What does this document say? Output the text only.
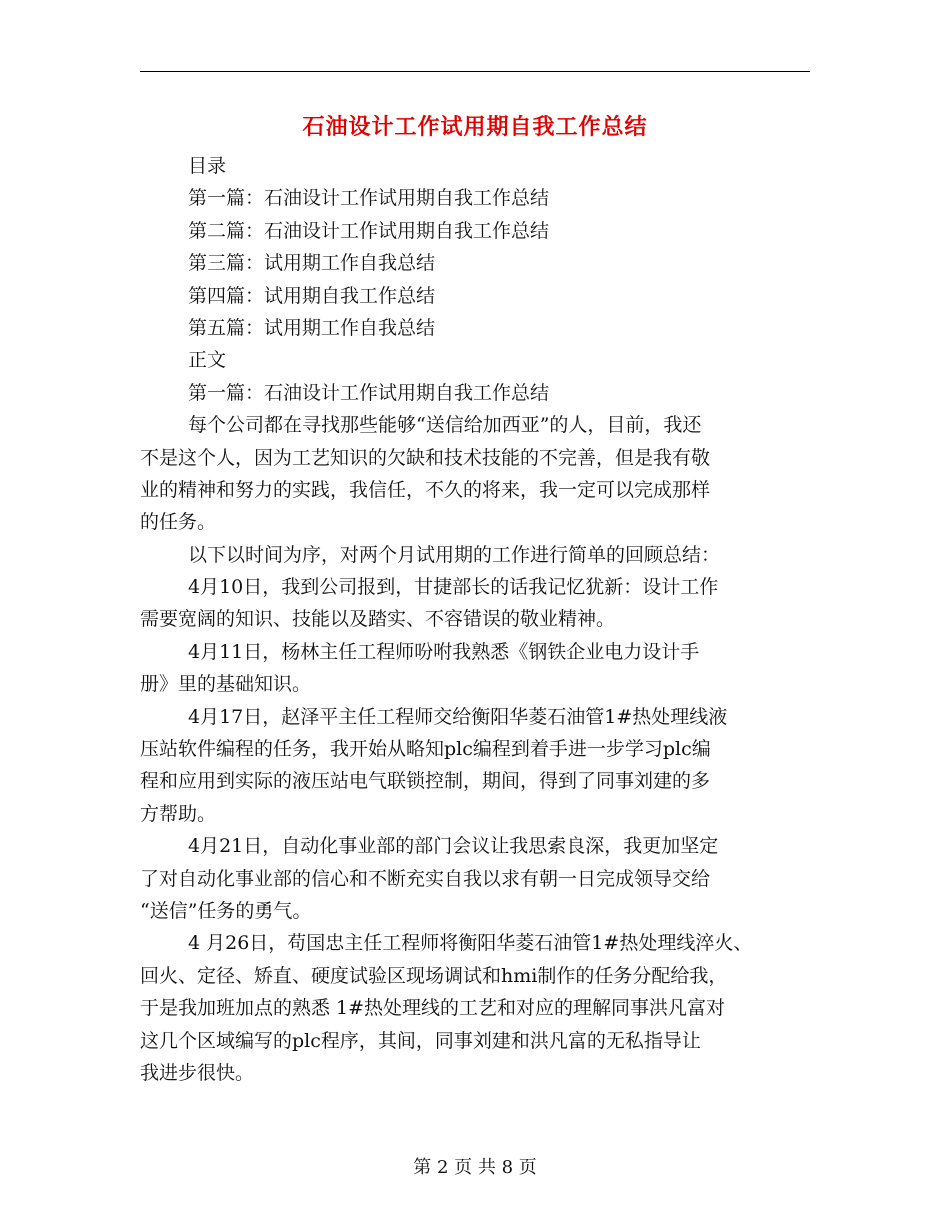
石油设计工作试用期自我工作总结
目录
第一篇：石油设计工作试用期自我工作总结
第二篇：石油设计工作试用期自我工作总结
第三篇：试用期工作自我总结
第四篇：试用期自我工作总结
第五篇：试用期工作自我总结
正文
第一篇：石油设计工作试用期自我工作总结
每个公司都在寻找那些能够“送信给加西亚”的人，目前，我还
不是这个人，因为工艺知识的欠缺和技术技能的不完善，但是我有敬
业的精神和努力的实践，我信任，不久的将来，我一定可以完成那样
的任务。
以下以时间为序，对两个月试用期的工作进行简单的回顾总结：
4月10日，我到公司报到，甘捷部长的话我记忆犹新：设计工作
需要宽阔的知识、技能以及踏实、不容错误的敬业精神。
4月11日，杨林主任工程师吩咐我熟悉《钢铁企业电力设计手
册》里的基础知识。
4月17日，赵泽平主任工程师交给衡阳华菱石油管1#热处理线液
压站软件编程的任务，我开始从略知plc编程到着手进一步学习plc编
程和应用到实际的液压站电气联锁控制，期间，得到了同事刘建的多
方帮助。
4月21日，自动化事业部的部门会议让我思索良深，我更加坚定
了对自动化事业部的信心和不断充实自我以求有朝一日完成领导交给
“送信”任务的勇气。
4 月26日，苟国忠主任工程师将衡阳华菱石油管1#热处理线淬火、
回火、定径、矫直、硬度试验区现场调试和hmi制作的任务分配给我，
于是我加班加点的熟悉 1#热处理线的工艺和对应的理解同事洪凡富对
这几个区域编写的plc程序，其间，同事刘建和洪凡富的无私指导让
我进步很快。
第 2 页 共 8 页
